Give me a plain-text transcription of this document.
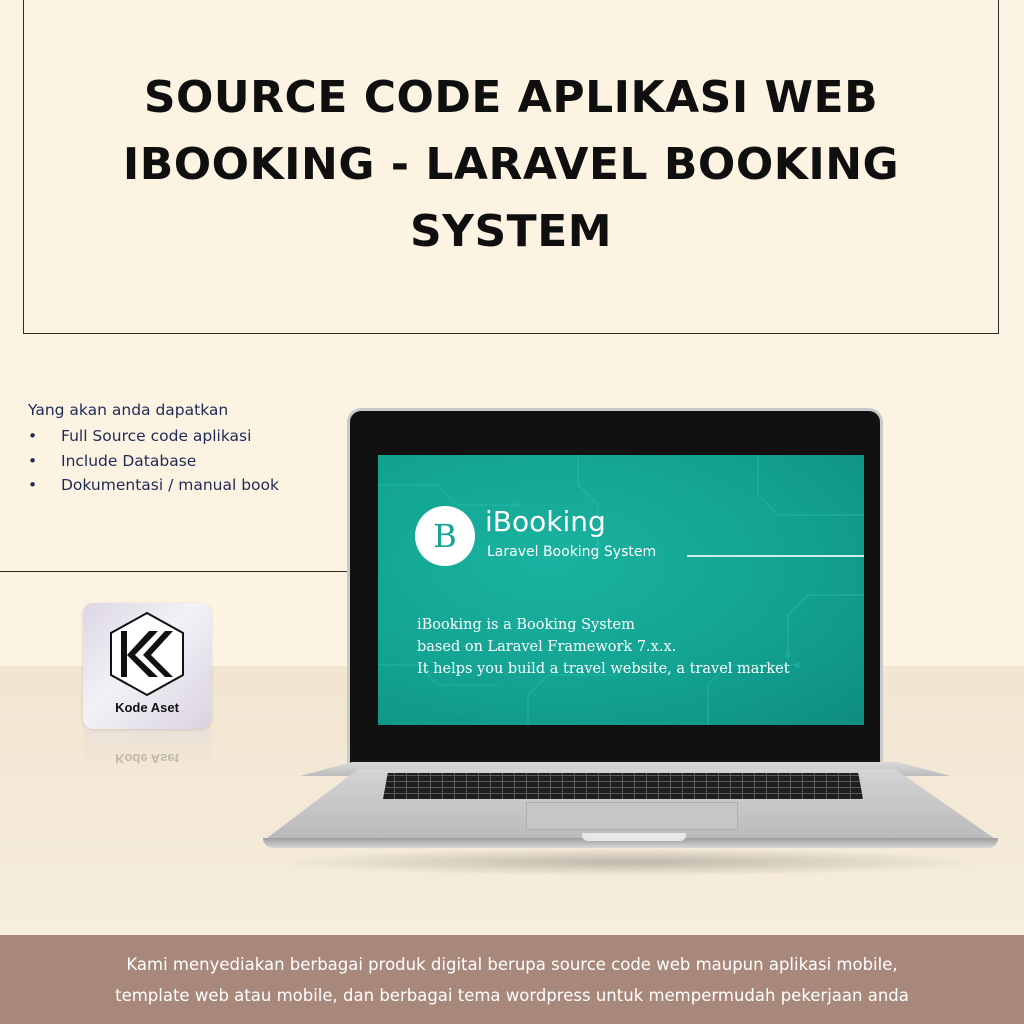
SOURCE CODE APLIKASI WEB
IBOOKING - LARAVEL BOOKING
SYSTEM

Yang akan anda dapatkan

• Full Source code aplikasi
• Include Database
• Dokumentasi / manual book
Kode Aset
Kode Aset
B iBooking
Laravel Booking System
iBooking is a Booking System
based on Laravel Framework 7.x.x.
It helps you build a travel website, a travel market
Kami menyediakan berbagai produk digital berupa source code web maupun aplikasi mobile,
template web atau mobile, dan berbagai tema wordpress untuk mempermudah pekerjaan anda
